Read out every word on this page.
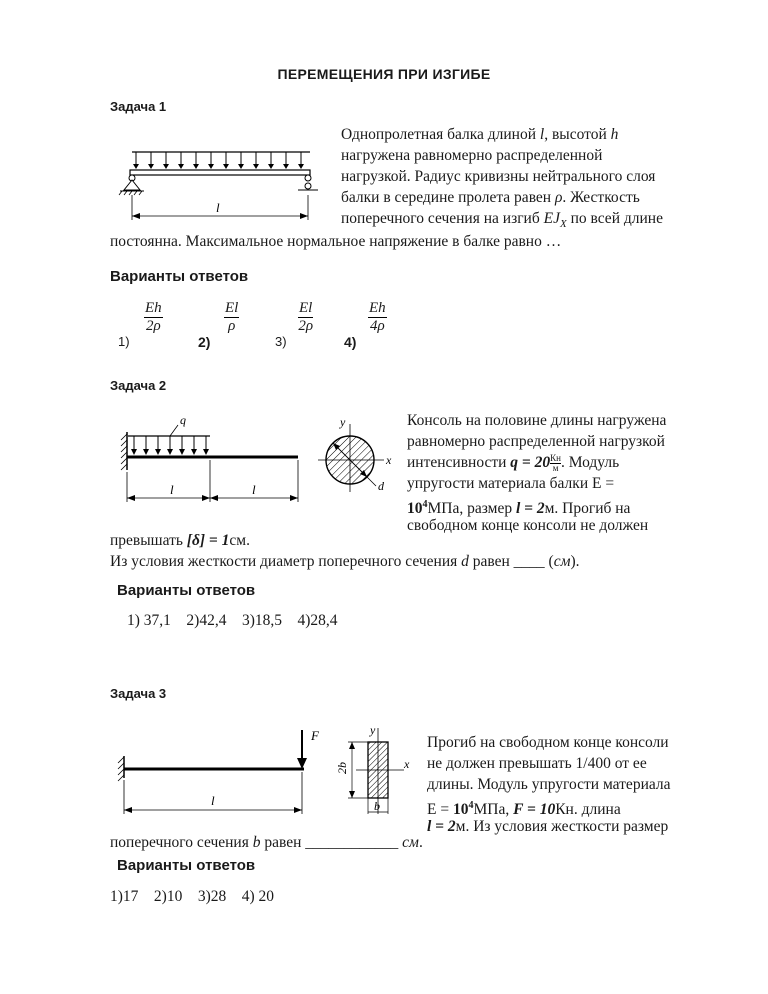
ПЕРЕМЕЩЕНИЯ ПРИ ИЗГИБЕ
Задача 1
l
Однопролетная балка длиной l, высотой h
нагружена равномерно распределенной
нагрузкой. Радиус кривизны нейтрального слоя
балки в середине пролета равен ρ. Жесткость
поперечного сечения на изгиб $EJ_X$ по всей длине
постоянна. Максимальное нормальное напряжение в балке равно …
Варианты ответов
1)
$\frac{Eh}{2\rho}$
2)
$\frac{El}{\rho}$
3)
$\frac{El}{2\rho}$
4)
$\frac{Eh}{4\rho}$
Задача 2
q
l	l
y
x
d
Консоль на половине длины нагружена
равномерно распределенной нагрузкой
интенсивности $q = 20 \frac{Кн}{м}$. Модуль
упругости материала балки E =
$10^4МПа$, размер l = 2м. Прогиб на
свободном конце консоли не должен
превышать [δ] = 1см.
Из условия жесткости диаметр поперечного сечения d равен ____ (см).
Варианты ответов
1) 37,1    2)42,4    3)18,5    4)28,4
Задача 3
F
l
y
x
2b
b
Прогиб на свободном конце консоли
не должен превышать 1/400 от ее
длины. Модуль упругости материала
$E = 10^4МПа$, F = 10Кн. длина
l = 2м. Из условия жесткости размер
поперечного сечения b равен ____________ см.
Варианты ответов
1)17    2)10    3)28    4) 20
